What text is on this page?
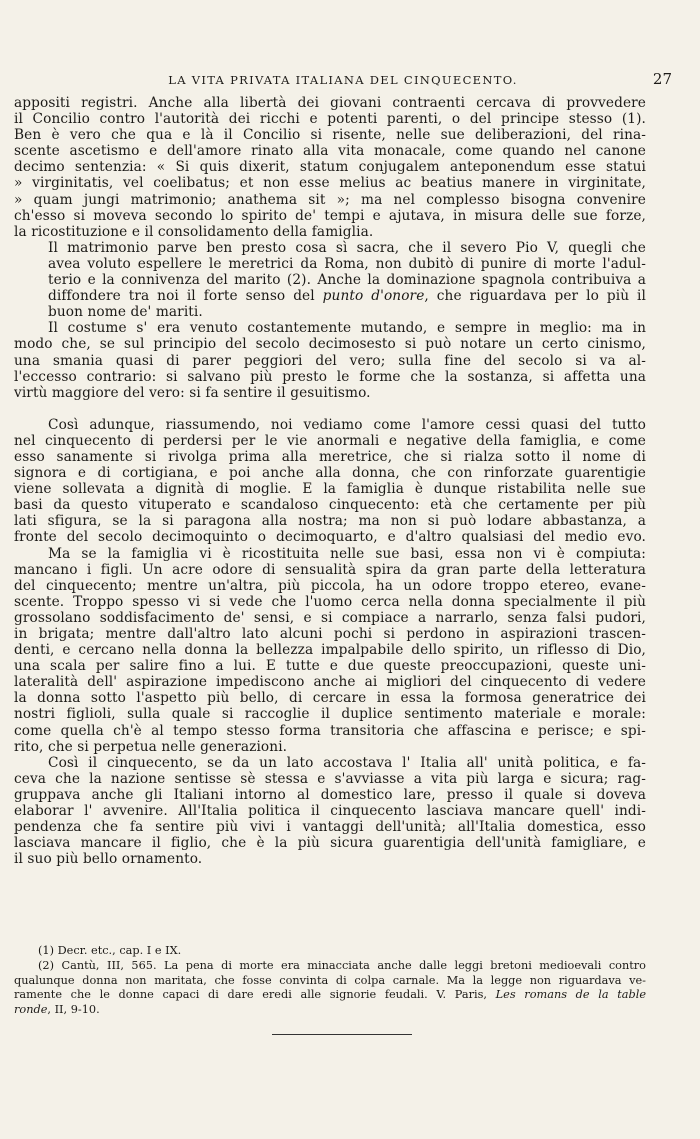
LA VITA PRIVATA ITALIANA DEL CINQUECENTO.	27

appositi registri. Anche alla libertà dei giovani contraenti cercava di provvedere
il Concilio contro l'autorità dei ricchi e potenti parenti, o del principe stesso (1).
Ben è vero che qua e là il Concilio si risente, nelle sue deliberazioni, del rina-
scente ascetismo e dell'amore rinato alla vita monacale, come quando nel canone
decimo sentenzia: « Si quis dixerit, statum conjugalem anteponendum esse statui
» virginitatis, vel coelibatus; et non esse melius ac beatius manere in virginitate,
» quam jungi matrimonio; anathema sit »; ma nel complesso bisogna convenire
ch'esso si moveva secondo lo spirito de' tempi e ajutava, in misura delle sue forze,
la ricostituzione e il consolidamento della famiglia.

Il matrimonio parve ben presto cosa sì sacra, che il severo Pio V, quegli che
avea voluto espellere le meretrici da Roma, non dubitò di punire di morte l'adul-
terio e la connivenza del marito (2). Anche la dominazione spagnola contribuiva a
diffondere tra noi il forte senso del punto d'onore, che riguardava per lo più il
buon nome de' mariti.

Il costume s' era venuto costantemente mutando, e sempre in meglio: ma in
modo che, se sul principio del secolo decimosesto si può notare un certo cinismo,
una smania quasi di parer peggiori del vero; sulla fine del secolo si va al-
l'eccesso contrario: si salvano più presto le forme che la sostanza, si affetta una
virtù maggiore del vero: si fa sentire il gesuitismo.

Così adunque, riassumendo, noi vediamo come l'amore cessi quasi del tutto
nel cinquecento di perdersi per le vie anormali e negative della famiglia, e come
esso sanamente si rivolga prima alla meretrice, che si rialza sotto il nome di
signora e di cortigiana, e poi anche alla donna, che con rinforzate guarentigie
viene sollevata a dignità di moglie. E la famiglia è dunque ristabilita nelle sue
basi da questo vituperato e scandaloso cinquecento: età che certamente per più
lati sfigura, se la si paragona alla nostra; ma non si può lodare abbastanza, a
fronte del secolo decimoquinto o decimoquarto, e d'altro qualsiasi del medio evo.

Ma se la famiglia vi è ricostituita nelle sue basi, essa non vi è compiuta:
mancano i figli. Un acre odore di sensualità spira da gran parte della letteratura
del cinquecento; mentre un'altra, più piccola, ha un odore troppo etereo, evane-
scente. Troppo spesso vi si vede che l'uomo cerca nella donna specialmente il più
grossolano soddisfacimento de' sensi, e si compiace a narrarlo, senza falsi pudori,
in brigata; mentre dall'altro lato alcuni pochi si perdono in aspirazioni trascen-
denti, e cercano nella donna la bellezza impalpabile dello spirito, un riflesso di Dio,
una scala per salire fino a lui. E tutte e due queste preoccupazioni, queste uni-
lateralità dell' aspirazione impediscono anche ai migliori del cinquecento di vedere
la donna sotto l'aspetto più bello, di cercare in essa la formosa generatrice dei
nostri figlioli, sulla quale si raccoglie il duplice sentimento materiale e morale:
come quella ch'è al tempo stesso forma transitoria che affascina e perisce; e spi-
rito, che si perpetua nelle generazioni.

Così il cinquecento, se da un lato accostava l' Italia all' unità politica, e fa-
ceva che la nazione sentisse sè stessa e s'avviasse a vita più larga e sicura; rag-
gruppava anche gli Italiani intorno al domestico lare, presso il quale si doveva
elaborar l' avvenire. All'Italia politica il cinquecento lasciava mancare quell' indi-
pendenza che fa sentire più vivi i vantaggi dell'unità; all'Italia domestica, esso
lasciava mancare il figlio, che è la più sicura guarentigia dell'unità famigliare, e
il suo più bello ornamento.

(1) Decr. etc., cap. I e IX.

(2) Cantù, III, 565. La pena di morte era minacciata anche dalle leggi bretoni medioevali contro
qualunque donna non maritata, che fosse convinta di colpa carnale. Ma la legge non riguardava ve-
ramente che le donne capaci di dare eredi alle signorie feudali. V. Paris, Les romans de la table
ronde, II, 9-10.
